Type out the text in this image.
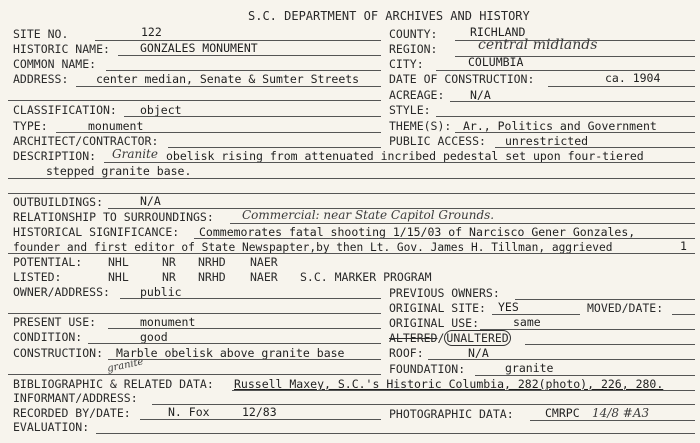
S.C. DEPARTMENT OF ARCHIVES AND HISTORY
SITE NO.	122	COUNTY:	RICHLAND
HISTORIC NAME:	GONZALES MONUMENT	REGION:	central midlands
COMMON NAME:	CITY:	COLUMBIA
ADDRESS: center median, Senate & Sumter Streets	DATE OF CONSTRUCTION:	ca. 1904
ACREAGE: N/A
CLASSIFICATION: object	STYLE:
TYPE:	monument	THEME(S): Ar., Politics and Government
ARCHITECT/CONTRACTOR:	PUBLIC ACCESS: unrestricted
DESCRIPTION: Granite obelisk rising from attenuated incribed pedestal set upon four-tiered
stepped granite base.
OUTBUILDINGS:	N/A
RELATIONSHIP TO SURROUNDINGS: Commercial: near State Capitol Grounds.
HISTORICAL SIGNIFICANCE: Commemorates fatal shooting 1/15/03 of Narcisco Gener Gonzales,
founder and first editor of State Newspapter,by then Lt. Gov. James H. Tillman, aggrieved	1
POTENTIAL: NHL	NR NRHD NAER
LISTED:	NHL	NR NRHD NAER S.C. MARKER PROGRAM
OWNER/ADDRESS:	public	PREVIOUS OWNERS:
ORIGINAL SITE: YES	MOVED/DATE:
PRESENT USE:	monument	ORIGINAL USE:	same
CONDITION:	good	ALTERED/ UNALTERED
CONSTRUCTION: Marble obelisk above granite base
granite
ROOF:	N/A
FOUNDATION:	granite
BIBLIOGRAPHIC & RELATED DATA: Russell Maxey, S.C.'s Historic Columbia, 282(photo), 226, 280.
INFORMANT/ADDRESS:
RECORDED BY/DATE:	N. Fox	12/83	PHOTOGRAPHIC DATA:	CMRPC 14/8 #A3
EVALUATION:
